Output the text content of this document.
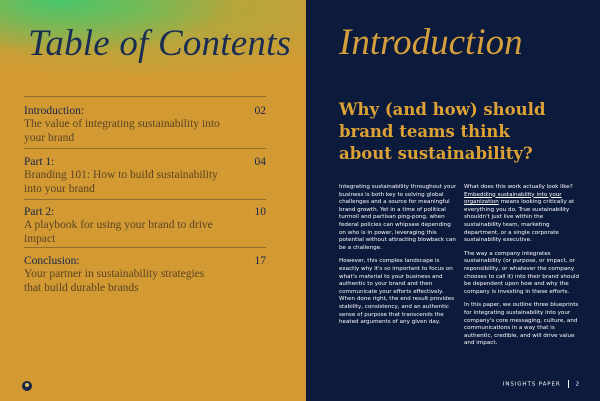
Table of Contents
Introduction:	02
The value of integrating sustainability into your brand
Part 1:	04
Branding 101: How to build sustainability into your brand
Part 2:	10
A playbook for using your brand to drive impact
Conclusion:	17
Your partner in sustainability strategies that build durable brands
Introduction
Why (and how) should brand teams think about sustainability?

Integrating sustainability throughout your business is both key to solving global challenges and a source for meaningful brand growth. Yet in a time of political turmoil and partisan ping-pong, when federal policies can whipsaw depending on who is in power, leveraging this potential without attracting blowback can be a challenge.

However, this complex landscape is exactly why it's so important to focus on what's material to your business and authentic to your brand and then communicate your efforts effectively. When done right, the end result provides stability, consistency, and an authentic sense of purpose that transcends the heated arguments of any given day.

What does this work actually look like? Embedding sustainability into your organization means looking critically at everything you do. True sustainability shouldn't just live within the sustainability team, marketing department, or a single corporate sustainability executive.

The way a company integrates sustainability (or purpose, or impact, or reponsibility, or whatever the company chooses to call it) into their brand should be dependent upon how and why the company is investing in these efforts.

In this paper, we outline three blueprints for integrating sustainability into your company's core messaging, culture, and communications in a way that is authentic, credible, and will drive value and impact.

INSIGHTS PAPER	2
